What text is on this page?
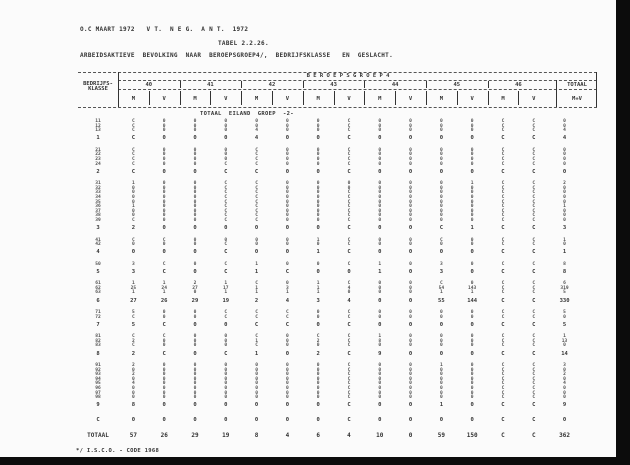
O.C MAART 1972   V T.  N E G.  A N T.  1972
TABEL 2.2.26.
ARBEIDSAKTIEVE  BEVOLKING  NAAR  BEROEPSGROEP4/,  BEDRIJFSKLASSE   EN  GESLACHT.
BEDRIJFS-
KLASSE
B E R O E P S G R O E P 4
TOTAAL
M+V
40	41	42	43	44	45	46
M	V	M	V	M	V	M	V	M	V	M	V	M	V
TOTAAL  EILAND  GROEP  -2-
11	C	0	0	0	0	0	0	C	0	0	0	0	C	C	0
12	C	0	0	0	0	0	0	C	0	0	0	0	C	C	0
13	C	0	0	0	4	0	0	C	0	0	0	0	C	C	4
1	C	0	0	0	4	0	0	C	0	0	0	0	C	C	4
21	C	0	0	0	C	0	0	C	0	0	0	0	C	C	0
22	C	0	0	0	C	0	0	C	0	0	0	0	C	C	0
23	C	0	0	0	C	0	0	C	0	0	0	0	C	C	0
24	C	0	0	C	C	0	0	C	0	0	0	0	C	C	0
2	C	0	0	C	C	0	0	C	0	0	0	0	C	C	0
31	1	0	0	C	C	0	0	0	0	0	0	1	C	C	2
32	0	0	0	C	C	0	0	0	0	0	0	0	C	C	0
33	0	0	0	C	C	0	0	C	0	0	0	0	C	C	0
34	0	0	0	C	C	0	0	C	0	0	0	0	C	C	0
35	0	0	0	C	C	0	0	C	0	0	0	0	C	C	0
36	1	0	0	C	C	0	0	C	0	0	0	0	C	C	1
37	0	0	0	C	C	0	0	C	0	0	0	0	C	C	0
38	0	0	0	C	C	0	0	C	0	0	0	0	C	C	0
39	C	0	0	C	C	0	0	C	0	0	0	0	C	C	0
3	2	0	0	0	0	0	0	C	0	0	C	1	C	C	3
41	C	C	0	0	0	0	1	C	0	0	C	0	C	C	1
42	0	0	0	C	0	0	0	C	0	0	0	0	C	C	0
4	0	0	0	C	0	0	1	C	0	0	0	0	C	C	1
50	3	C	0	C	1	0	0	C	1	0	3	0	C	C	8
5	3	C	0	C	1	C	0	0	1	0	3	0	C	C	8
61	1	1	2	1	C	0	1	C	0	0	C	0	C	C	6
62	25	24	27	17	1	3	1	4	0	0	54	143	C	C	319
63	1	1	0	1	1	1	1	0	0	0	1	1	C	C	5
6	27	26	29	19	2	4	3	4	0	0	55	144	C	C	330
71	5	0	0	C	C	C	0	C	0	0	0	0	C	C	5
72	C	0	0	C	C	C	0	C	0	0	0	0	C	C	0
7	5	C	0	0	C	C	0	C	0	0	0	0	C	C	5
81	C	C	0	0	C	0	C	C	1	0	0	0	C	C	1
82	2	0	0	0	1	0	2	C	8	0	0	0	C	C	13
83	C	0	0	0	C	0	0	C	0	0	0	0	C	C	0
8	2	C	0	C	1	0	2	C	9	0	0	0	C	C	14
91	2	0	0	0	0	0	0	C	0	0	1	0	C	C	3
92	0	0	0	0	0	0	0	C	0	0	0	0	C	C	0
93	2	0	0	0	0	0	0	C	0	0	0	0	C	C	2
94	0	0	0	0	0	0	0	C	0	0	0	0	C	C	0
95	4	0	0	0	0	0	0	C	0	0	0	0	C	C	4
96	0	0	0	0	0	0	0	C	0	0	0	0	C	C	0
97	0	0	0	0	0	0	0	C	0	0	0	0	C	C	0
98	0	0	0	0	0	0	0	C	0	0	0	0	C	C	0
9	8	0	0	0	0	0	0	C	0	0	1	0	C	C	9
C	0	0	0	0	0	0	0	C	0	0	0	0	C	C	0
TOTAAL	57	26	29	19	8	4	6	4	10	0	59	150	C	C	362
*/ I.S.C.O. - CODE 1968
